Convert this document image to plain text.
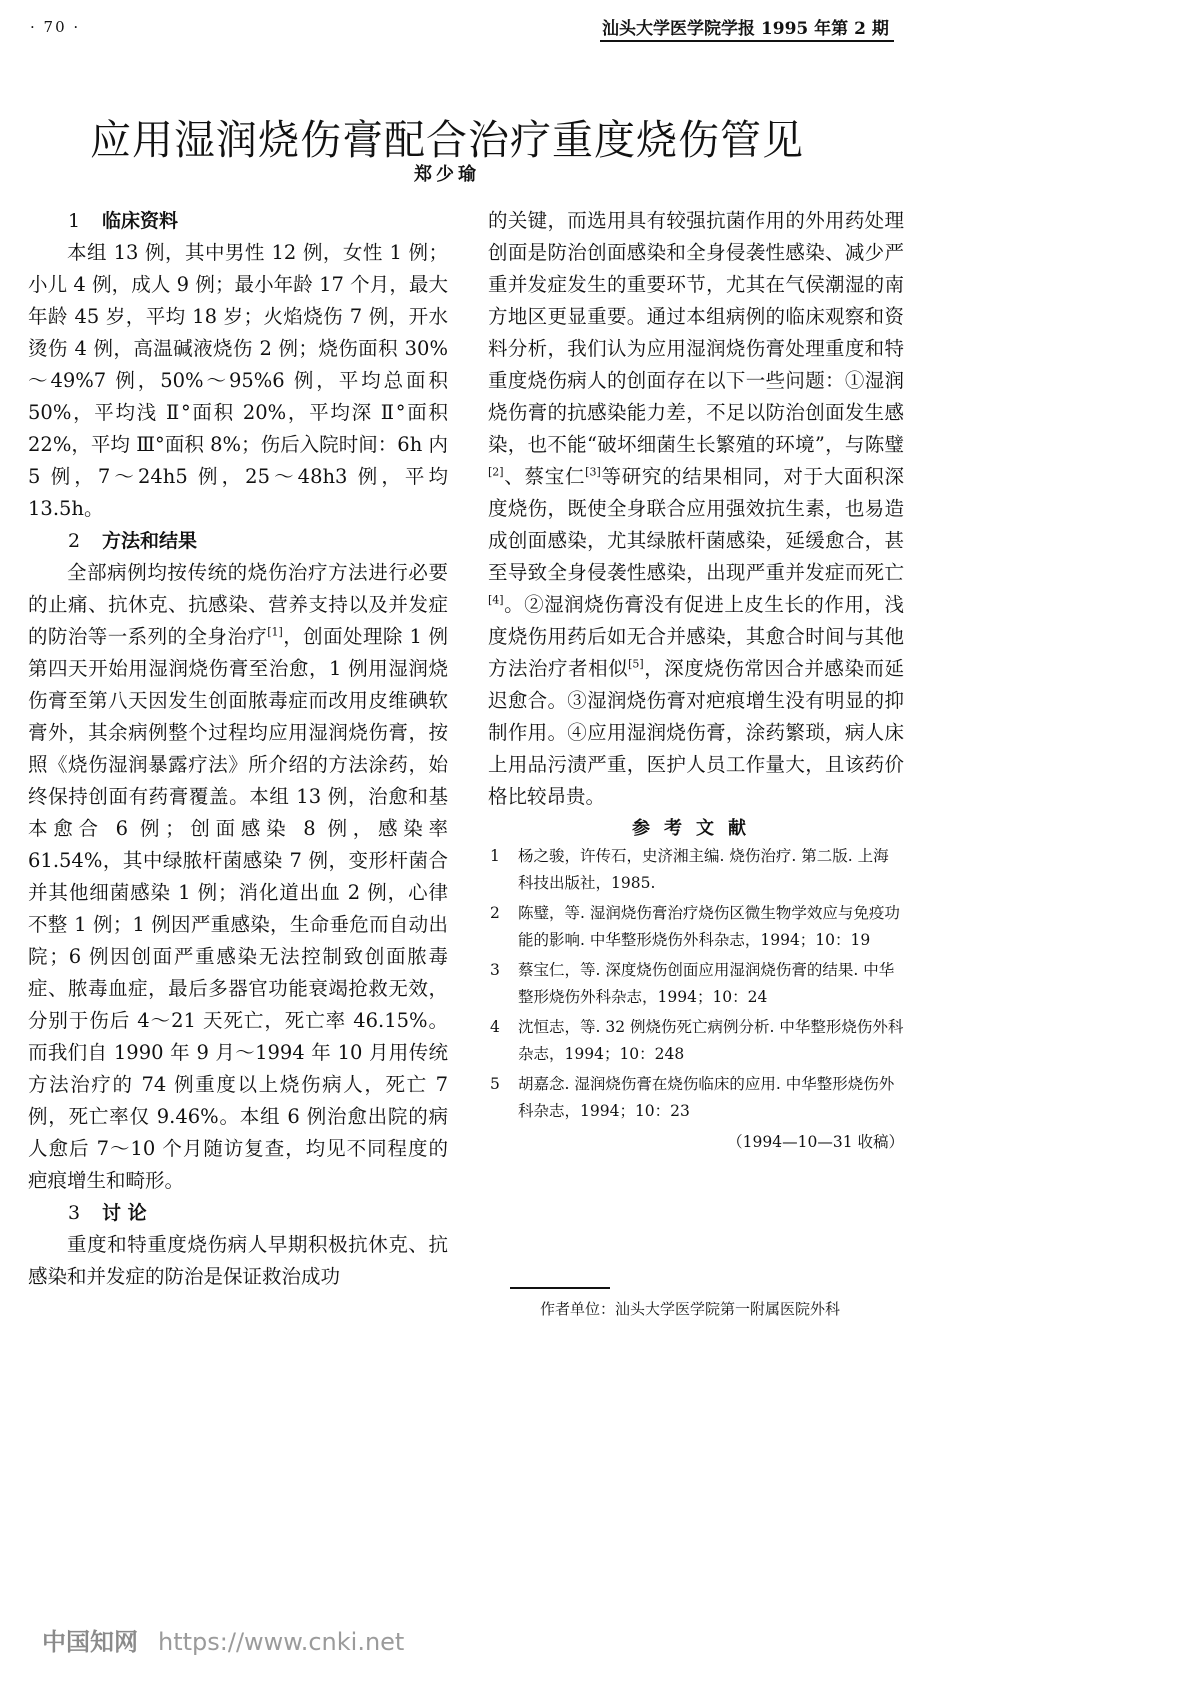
· 70 ·	汕头大学医学院学报 1995 年第 2 期
应用湿润烧伤膏配合治疗重度烧伤管见
郑少瑜
1 临床资料

本组 13 例，其中男性 12 例，女性 1 例；小儿 4 例，成人 9 例；最小年龄 17 个月，最大年龄 45 岁，平均 18 岁；火焰烧伤 7 例，开水烫伤 4 例，高温碱液烧伤 2 例；烧伤面积 30%～49%7 例，50%～95%6 例，平均总面积 50%，平均浅 Ⅱ°面积 20%，平均深 Ⅱ°面积 22%，平均 Ⅲ°面积 8%；伤后入院时间：6h 内 5 例，7～24h5 例，25～48h3 例，平均 13.5h。

2 方法和结果

全部病例均按传统的烧伤治疗方法进行必要的止痛、抗休克、抗感染、营养支持以及并发症的防治等一系列的全身治疗[1]，创面处理除 1 例第四天开始用湿润烧伤膏至治愈，1 例用湿润烧伤膏至第八天因发生创面脓毒症而改用皮维碘软膏外，其余病例整个过程均应用湿润烧伤膏，按照《烧伤湿润暴露疗法》所介绍的方法涂药，始终保持创面有药膏覆盖。本组 13 例，治愈和基本愈合 6 例；创面感染 8 例，感染率 61.54%，其中绿脓杆菌感染 7 例，变形杆菌合并其他细菌感染 1 例；消化道出血 2 例，心律不整 1 例；1 例因严重感染，生命垂危而自动出院；6 例因创面严重感染无法控制致创面脓毒症、脓毒血症，最后多器官功能衰竭抢救无效，分别于伤后 4～21 天死亡，死亡率 46.15%。而我们自 1990 年 9 月～1994 年 10 月用传统方法治疗的 74 例重度以上烧伤病人，死亡 7 例，死亡率仅 9.46%。本组 6 例治愈出院的病人愈后 7～10 个月随访复查，均见不同程度的疤痕增生和畸形。

3 讨 论

重度和特重度烧伤病人早期积极抗休克、抗感染和并发症的防治是保证救治成功

的关键，而选用具有较强抗菌作用的外用药处理创面是防治创面感染和全身侵袭性感染、减少严重并发症发生的重要环节，尤其在气侯潮湿的南方地区更显重要。通过本组病例的临床观察和资料分析，我们认为应用湿润烧伤膏处理重度和特重度烧伤病人的创面存在以下一些问题：①湿润烧伤膏的抗感染能力差，不足以防治创面发生感染，也不能“破坏细菌生长繁殖的环境”，与陈璧[2]、蔡宝仁[3]等研究的结果相同，对于大面积深度烧伤，既使全身联合应用强效抗生素，也易造成创面感染，尤其绿脓杆菌感染，延缓愈合，甚至导致全身侵袭性感染，出现严重并发症而死亡[4]。②湿润烧伤膏没有促进上皮生长的作用，浅度烧伤用药后如无合并感染，其愈合时间与其他方法治疗者相似[5]，深度烧伤常因合并感染而延迟愈合。③湿润烧伤膏对疤痕增生没有明显的抑制作用。④应用湿润烧伤膏，涂药繁琐，病人床上用品污渍严重，医护人员工作量大，且该药价格比较昂贵。

参考文献
1 杨之骏，许传石，史济湘主编. 烧伤治疗. 第二版. 上海科技出版社，1985.
2 陈璧，等. 湿润烧伤膏治疗烧伤区微生物学效应与免疫功能的影响. 中华整形烧伤外科杂志，1994；10：19
3 蔡宝仁，等. 深度烧伤创面应用湿润烧伤膏的结果. 中华整形烧伤外科杂志，1994；10：24
4 沈恒志，等. 32 例烧伤死亡病例分析. 中华整形烧伤外科杂志，1994；10：248
5 胡嘉念. 湿润烧伤膏在烧伤临床的应用. 中华整形烧伤外科杂志，1994；10：23
（1994—10—31 收稿）
作者单位：汕头大学医学院第一附属医院外科
中国知网 https://www.cnki.net
